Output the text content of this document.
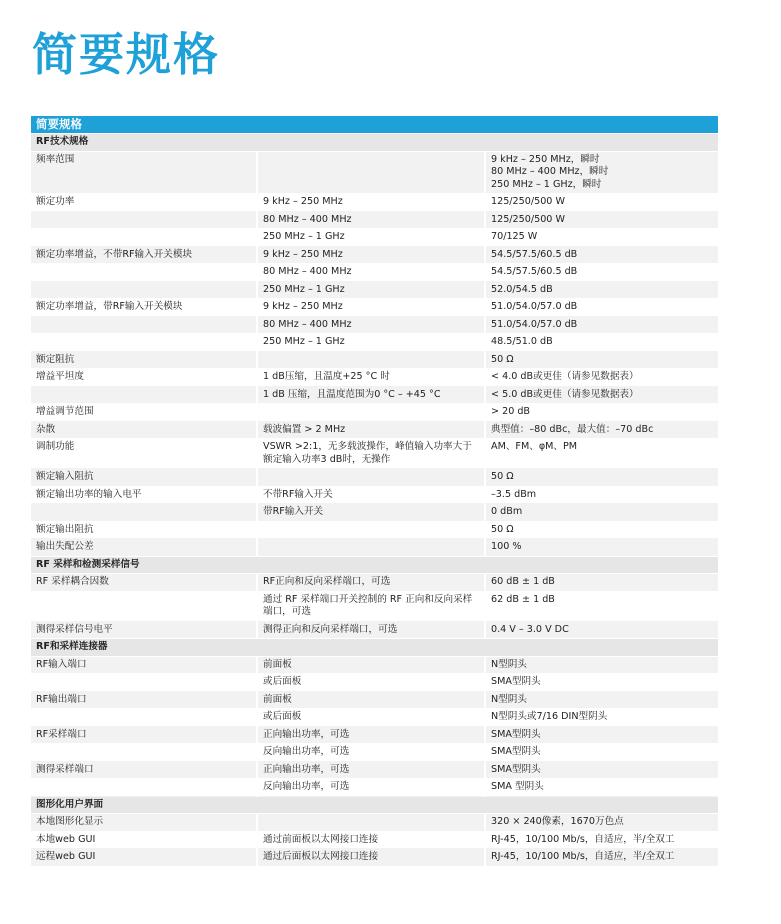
简要规格
简要规格		
RF技术规格		
频率范围		9 kHz – 250 MHz，瞬时
80 MHz – 400 MHz，瞬时
250 MHz – 1 GHz，瞬时
额定功率	9 kHz – 250 MHz	125/250/500 W
	80 MHz – 400 MHz	125/250/500 W
	250 MHz – 1 GHz	70/125 W
额定功率增益，不带RF输入开关模块	9 kHz – 250 MHz	54.5/57.5/60.5 dB
	80 MHz – 400 MHz	54.5/57.5/60.5 dB
	250 MHz – 1 GHz	52.0/54.5 dB
额定功率增益，带RF输入开关模块	9 kHz – 250 MHz	51.0/54.0/57.0 dB
	80 MHz – 400 MHz	51.0/54.0/57.0 dB
	250 MHz – 1 GHz	48.5/51.0 dB
额定阻抗		50 Ω
增益平坦度	1 dB压缩，且温度+25 °C 时	< 4.0 dB或更佳（请参见数据表）
	1 dB 压缩，且温度范围为0 °C – +45 °C	< 5.0 dB或更佳（请参见数据表）
增益调节范围		> 20 dB
杂散	载波偏置 > 2 MHz	典型值：–80 dBc，最大值：–70 dBc
调制功能	VSWR >2:1，无多载波操作，峰值输入功率大于额定输入功率3 dB时，无操作	AM、FM、φM、PM
额定输入阻抗		50 Ω
额定输出功率的输入电平	不带RF输入开关	–3.5 dBm
	带RF输入开关	0 dBm
额定输出阻抗		50 Ω
输出失配公差		100 %
RF 采样和检测采样信号		
RF 采样耦合因数	RF正向和反向采样端口，可选	60 dB ± 1 dB
	通过 RF 采样端口开关控制的 RF 正向和反向采样端口，可选	62 dB ± 1 dB
测得采样信号电平	测得正向和反向采样端口，可选	0.4 V – 3.0 V DC
RF和采样连接器		
RF输入端口	前面板	N型阴头
	或后面板	SMA型阴头
RF输出端口	前面板	N型阴头
	或后面板	N型阴头或7/16 DIN型阴头
RF采样端口	正向输出功率，可选	SMA型阴头
	反向输出功率，可选	SMA型阴头
测得采样端口	正向输出功率，可选	SMA型阴头
	反向输出功率，可选	SMA 型阴头
图形化用户界面		
本地图形化显示		320 × 240像素，1670万色点
本地web GUI	通过前面板以太网接口连接	RJ-45，10/100 Mb/s，自适应，半/全双工
远程web GUI	通过后面板以太网接口连接	RJ-45，10/100 Mb/s，自适应，半/全双工
